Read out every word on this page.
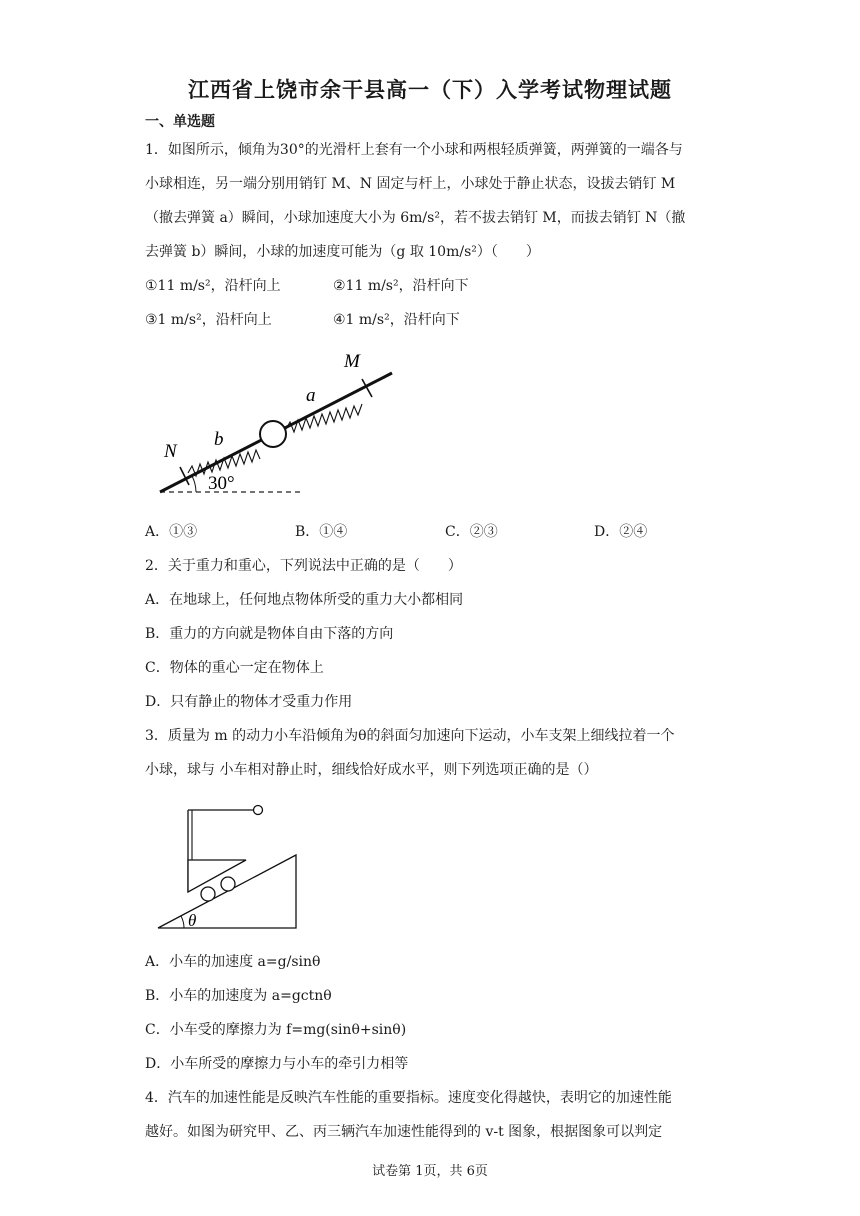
江西省上饶市余干县高一（下）入学考试物理试题
一、单选题
1．如图所示，倾角为30°的光滑杆上套有一个小球和两根轻质弹簧，两弹簧的一端各与
小球相连，另一端分别用销钉 M、N 固定与杆上，小球处于静止状态，设拔去销钉 M
（撤去弹簧 a）瞬间，小球加速度大小为 6m/s²，若不拔去销钉 M，而拔去销钉 N（撤
去弹簧 b）瞬间，小球的加速度可能为（g 取 10m/s²）（　　）
①11 m/s²，沿杆向上	②11 m/s²，沿杆向下
③1 m/s²，沿杆向上	④1 m/s²，沿杆向下
N
b
a
M
30°
A．①③	B．①④	C．②③	D．②④
2．关于重力和重心，下列说法中正确的是（　　）
A．在地球上，任何地点物体所受的重力大小都相同
B．重力的方向就是物体自由下落的方向
C．物体的重心一定在物体上
D．只有静止的物体才受重力作用
3．质量为 m 的动力小车沿倾角为θ的斜面匀加速向下运动，小车支架上细线拉着一个
小球，球与 小车相对静止时，细线恰好成水平，则下列选项正确的是（）
θ
A．小车的加速度 a=g/sinθ
B．小车的加速度为 a=gctnθ
C．小车受的摩擦力为 f=mg(sinθ+sinθ)
D．小车所受的摩擦力与小车的牵引力相等
4．汽车的加速性能是反映汽车性能的重要指标。速度变化得越快，表明它的加速性能
越好。如图为研究甲、乙、丙三辆汽车加速性能得到的 v-t 图象，根据图象可以判定
试卷第 1页，共 6页
